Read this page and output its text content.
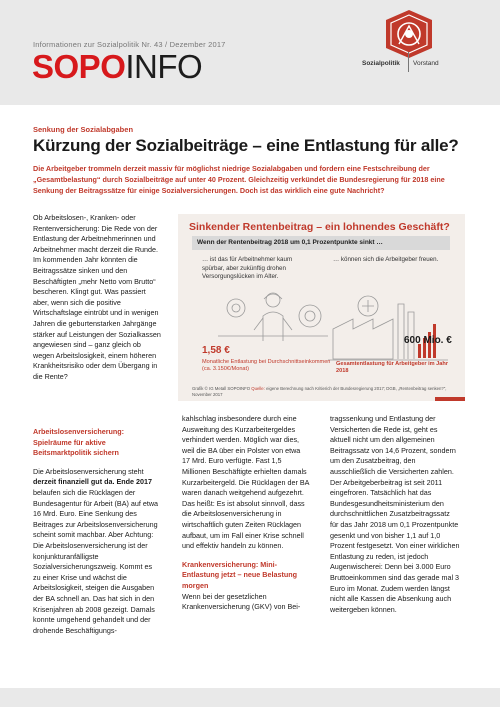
Informationen zur Sozialpolitik Nr. 43 / Dezember 2017
SOPOINFO	Sozialpolitik Vorstand
Senkung der Sozialabgaben
Kürzung der Sozialbeiträge – eine Entlastung für alle?
Die Arbeitgeber trommeln derzeit massiv für möglichst niedrige Sozialabgaben und fordern eine Festschreibung der „Gesamtbelastung“ durch Sozialbeiträge auf unter 40 Prozent. Gleichzeitig verkündet die Bundesregierung für 2018 eine Senkung der Beitragssätze für einige Sozialversicherungen. Doch ist das wirklich eine gute Nachricht?

Ob Arbeitslosen-, Kranken- oder Rentenversicherung: Die Rede von der Entlastung der Arbeitnehmerinnen und Arbeitnehmer macht derzeit die Runde. Im kommenden Jahr könnten die Beitragssätze sinken und den Beschäftigten „mehr Netto vom Brutto“ bescheren. Klingt gut. Was passiert aber, wenn sich die positive Wirtschaftslage eintrübt und in wenigen Jahren die geburtenstarken Jahrgänge stärker auf Leistungen der Sozialkassen angewiesen sind – ganz gleich ob wegen Arbeitslosigkeit, einem höheren Krankheitsrisiko oder dem Übergang in die Rente?

Arbeitslosenversicherung: Spielräume für aktive Beitsmarktpolitik sichern

Die Arbeitslosenversicherung steht derzeit finanziell gut da. Ende 2017 belaufen sich die Rücklagen der Bundesagentur für Arbeit (BA) auf etwa 16 Mrd. Euro. Eine Senkung des Beitrages zur Arbeitslosenversicherung scheint somit machbar. Aber Achtung: Die Arbeitslosenversicherung ist der konjunkturanfälligste Sozialversicherungszweig. Kommt es zu einer Krise und wächst die Arbeitslosigkeit, steigen die Ausgaben der BA schnell an. Das hat sich in den Krisenjahren ab 2008 gezeigt. Damals konnte umgehend gehandelt und der drohende Beschäftigungs-

kahlschlag insbesondere durch eine Ausweitung des Kurzarbeitergeldes verhindert werden. Möglich war dies, weil die BA über ein Polster von etwa 17 Mrd. Euro verfügte. Fast 1,5 Millionen Beschäftigte erhielten damals Kurzarbeitergeld. Die Rücklagen der BA waren danach weitgehend aufgezehrt. Das heißt: Es ist absolut sinnvoll, dass die Arbeitslosenversicherung in wirtschaftlich guten Zeiten Rücklagen aufbaut, um im Fall einer Krise schnell und effektiv handeln zu können.

Krankenversicherung: Mini-Entlastung jetzt – neue Belastung morgen

Wenn bei der gesetzlichen Krankenversicherung (GKV) von Bei-

tragssenkung und Entlastung der Versicherten die Rede ist, geht es aktuell nicht um den allgemeinen Beitragssatz von 14,6 Prozent, sondern um den Zusatzbeitrag, den ausschließlich die Versicherten zahlen. Der Arbeitgeberbeitrag ist seit 2011 eingefroren. Tatsächlich hat das Bundesgesundheitsministerium den durchschnittlichen Zusatzbeitragssatz für das Jahr 2018 um 0,1 Prozentpunkte gesenkt und von bisher 1,1 auf 1,0 Prozent festgesetzt. Von einer wirklichen Entlastung zu reden, ist jedoch Augenwischerei: Denn bei 3.000 Euro Bruttoeinkommen sind das gerade mal 3 Euro im Monat. Zudem werden längst nicht alle Kassen die Absenkung auch weitergeben können.

Sinkender Rentenbeitrag – ein lohnendes Geschäft?
Wenn der Rentenbeitrag 2018 um 0,1 Prozentpunkte sinkt …
… ist das für Arbeitnehmer kaum spürbar, aber zukünftig drohen Versorgungslücken im Alter.
… können sich die Arbeitgeber freuen.
1,58 €
Monatliche Entlastung bei Durchschnittseinkommen (ca. 3.150€/Monat)
600 Mio. €
Gesamtentlastung für Arbeitgeber im Jahr 2018
Grafik © IG Metall SOPOINFO Quelle: eigene Berechnung nach Kritierich der Bundesregierung 2017; DGB, „Rentenbeitrag senken?“, November 2017
